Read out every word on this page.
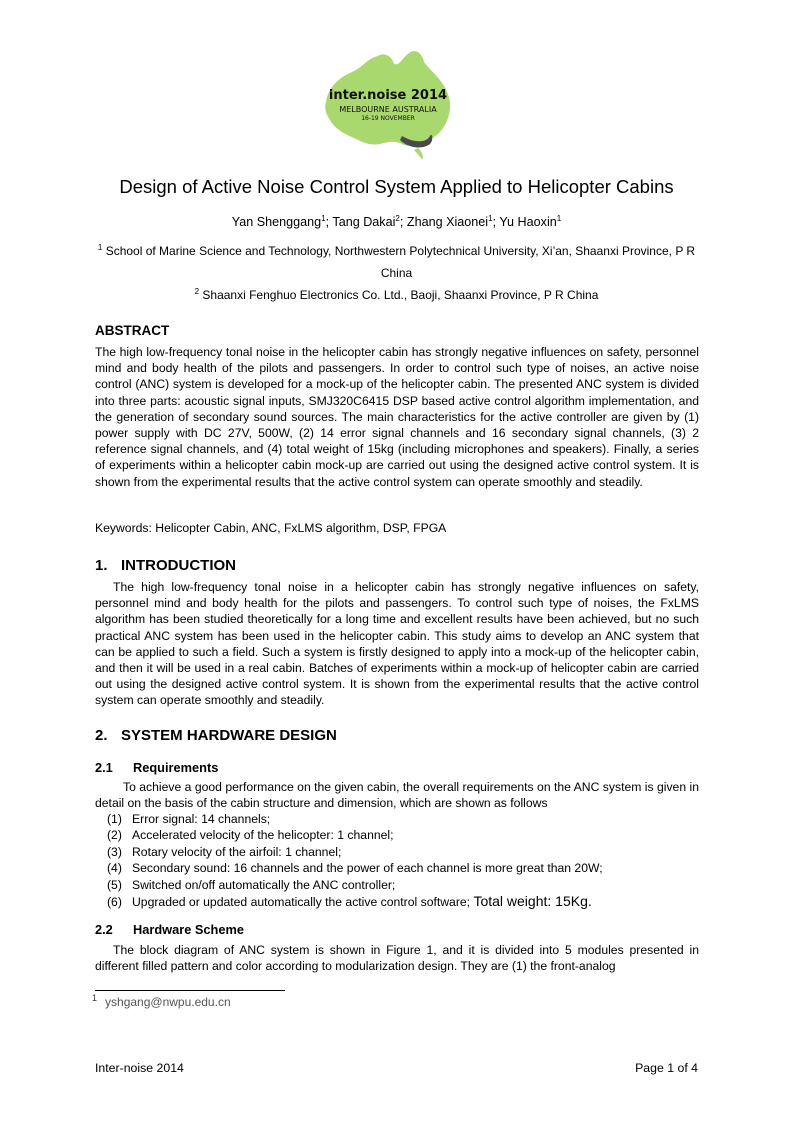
inter.noise 2014
MELBOURNE AUSTRALIA
16-19 NOVEMBER
Design of Active Noise Control System Applied to Helicopter Cabins
Yan Shenggang$^1$; Tang Dakai$^2$; Zhang Xiaonei$^1$; Yu Haoxin$^1$
$^1$ School of Marine Science and Technology, Northwestern Polytechnical University, Xi’an, Shaanxi Province, P R China
$^2$ Shaanxi Fenghuo Electronics Co. Ltd., Baoji, Shaanxi Province, P R China
ABSTRACT
The high low-frequency tonal noise in the helicopter cabin has strongly negative influences on safety, personnel mind and body health of the pilots and passengers. In order to control such type of noises, an active noise control (ANC) system is developed for a mock-up of the helicopter cabin. The presented ANC system is divided into three parts: acoustic signal inputs, SMJ320C6415 DSP based active control algorithm implementation, and the generation of secondary sound sources. The main characteristics for the active controller are given by (1) power supply with DC 27V, 500W, (2) 14 error signal channels and 16 secondary signal channels, (3) 2 reference signal channels, and (4) total weight of 15kg (including microphones and speakers). Finally, a series of experiments within a helicopter cabin mock-up are carried out using the designed active control system. It is shown from the experimental results that the active control system can operate smoothly and steadily.
Keywords: Helicopter Cabin, ANC, FxLMS algorithm, DSP, FPGA
1. INTRODUCTION
The high low-frequency tonal noise in a helicopter cabin has strongly negative influences on safety, personnel mind and body health for the pilots and passengers. To control such type of noises, the FxLMS algorithm has been studied theoretically for a long time and excellent results have been achieved, but no such practical ANC system has been used in the helicopter cabin. This study aims to develop an ANC system that can be applied to such a field. Such a system is firstly designed to apply into a mock-up of the helicopter cabin, and then it will be used in a real cabin. Batches of experiments within a mock-up of helicopter cabin are carried out using the designed active control system. It is shown from the experimental results that the active control system can operate smoothly and steadily.
2. SYSTEM HARDWARE DESIGN
2.1 Requirements
To achieve a good performance on the given cabin, the overall requirements on the ANC system is given in detail on the basis of the cabin structure and dimension, which are shown as follows
(1) Error signal: 14 channels;
(2) Accelerated velocity of the helicopter: 1 channel;
(3) Rotary velocity of the airfoil: 1 channel;
(4) Secondary sound: 16 channels and the power of each channel is more great than 20W;
(5) Switched on/off automatically the ANC controller;
(6) Upgraded or updated automatically the active control software; Total weight: 15Kg.
2.2 Hardware Scheme
The block diagram of ANC system is shown in Figure 1, and it is divided into 5 modules presented in different filled pattern and color according to modularization design. They are (1) the front-analog
$^1$ yshgang@nwpu.edu.cn
Inter-noise 2014	Page 1 of 4
